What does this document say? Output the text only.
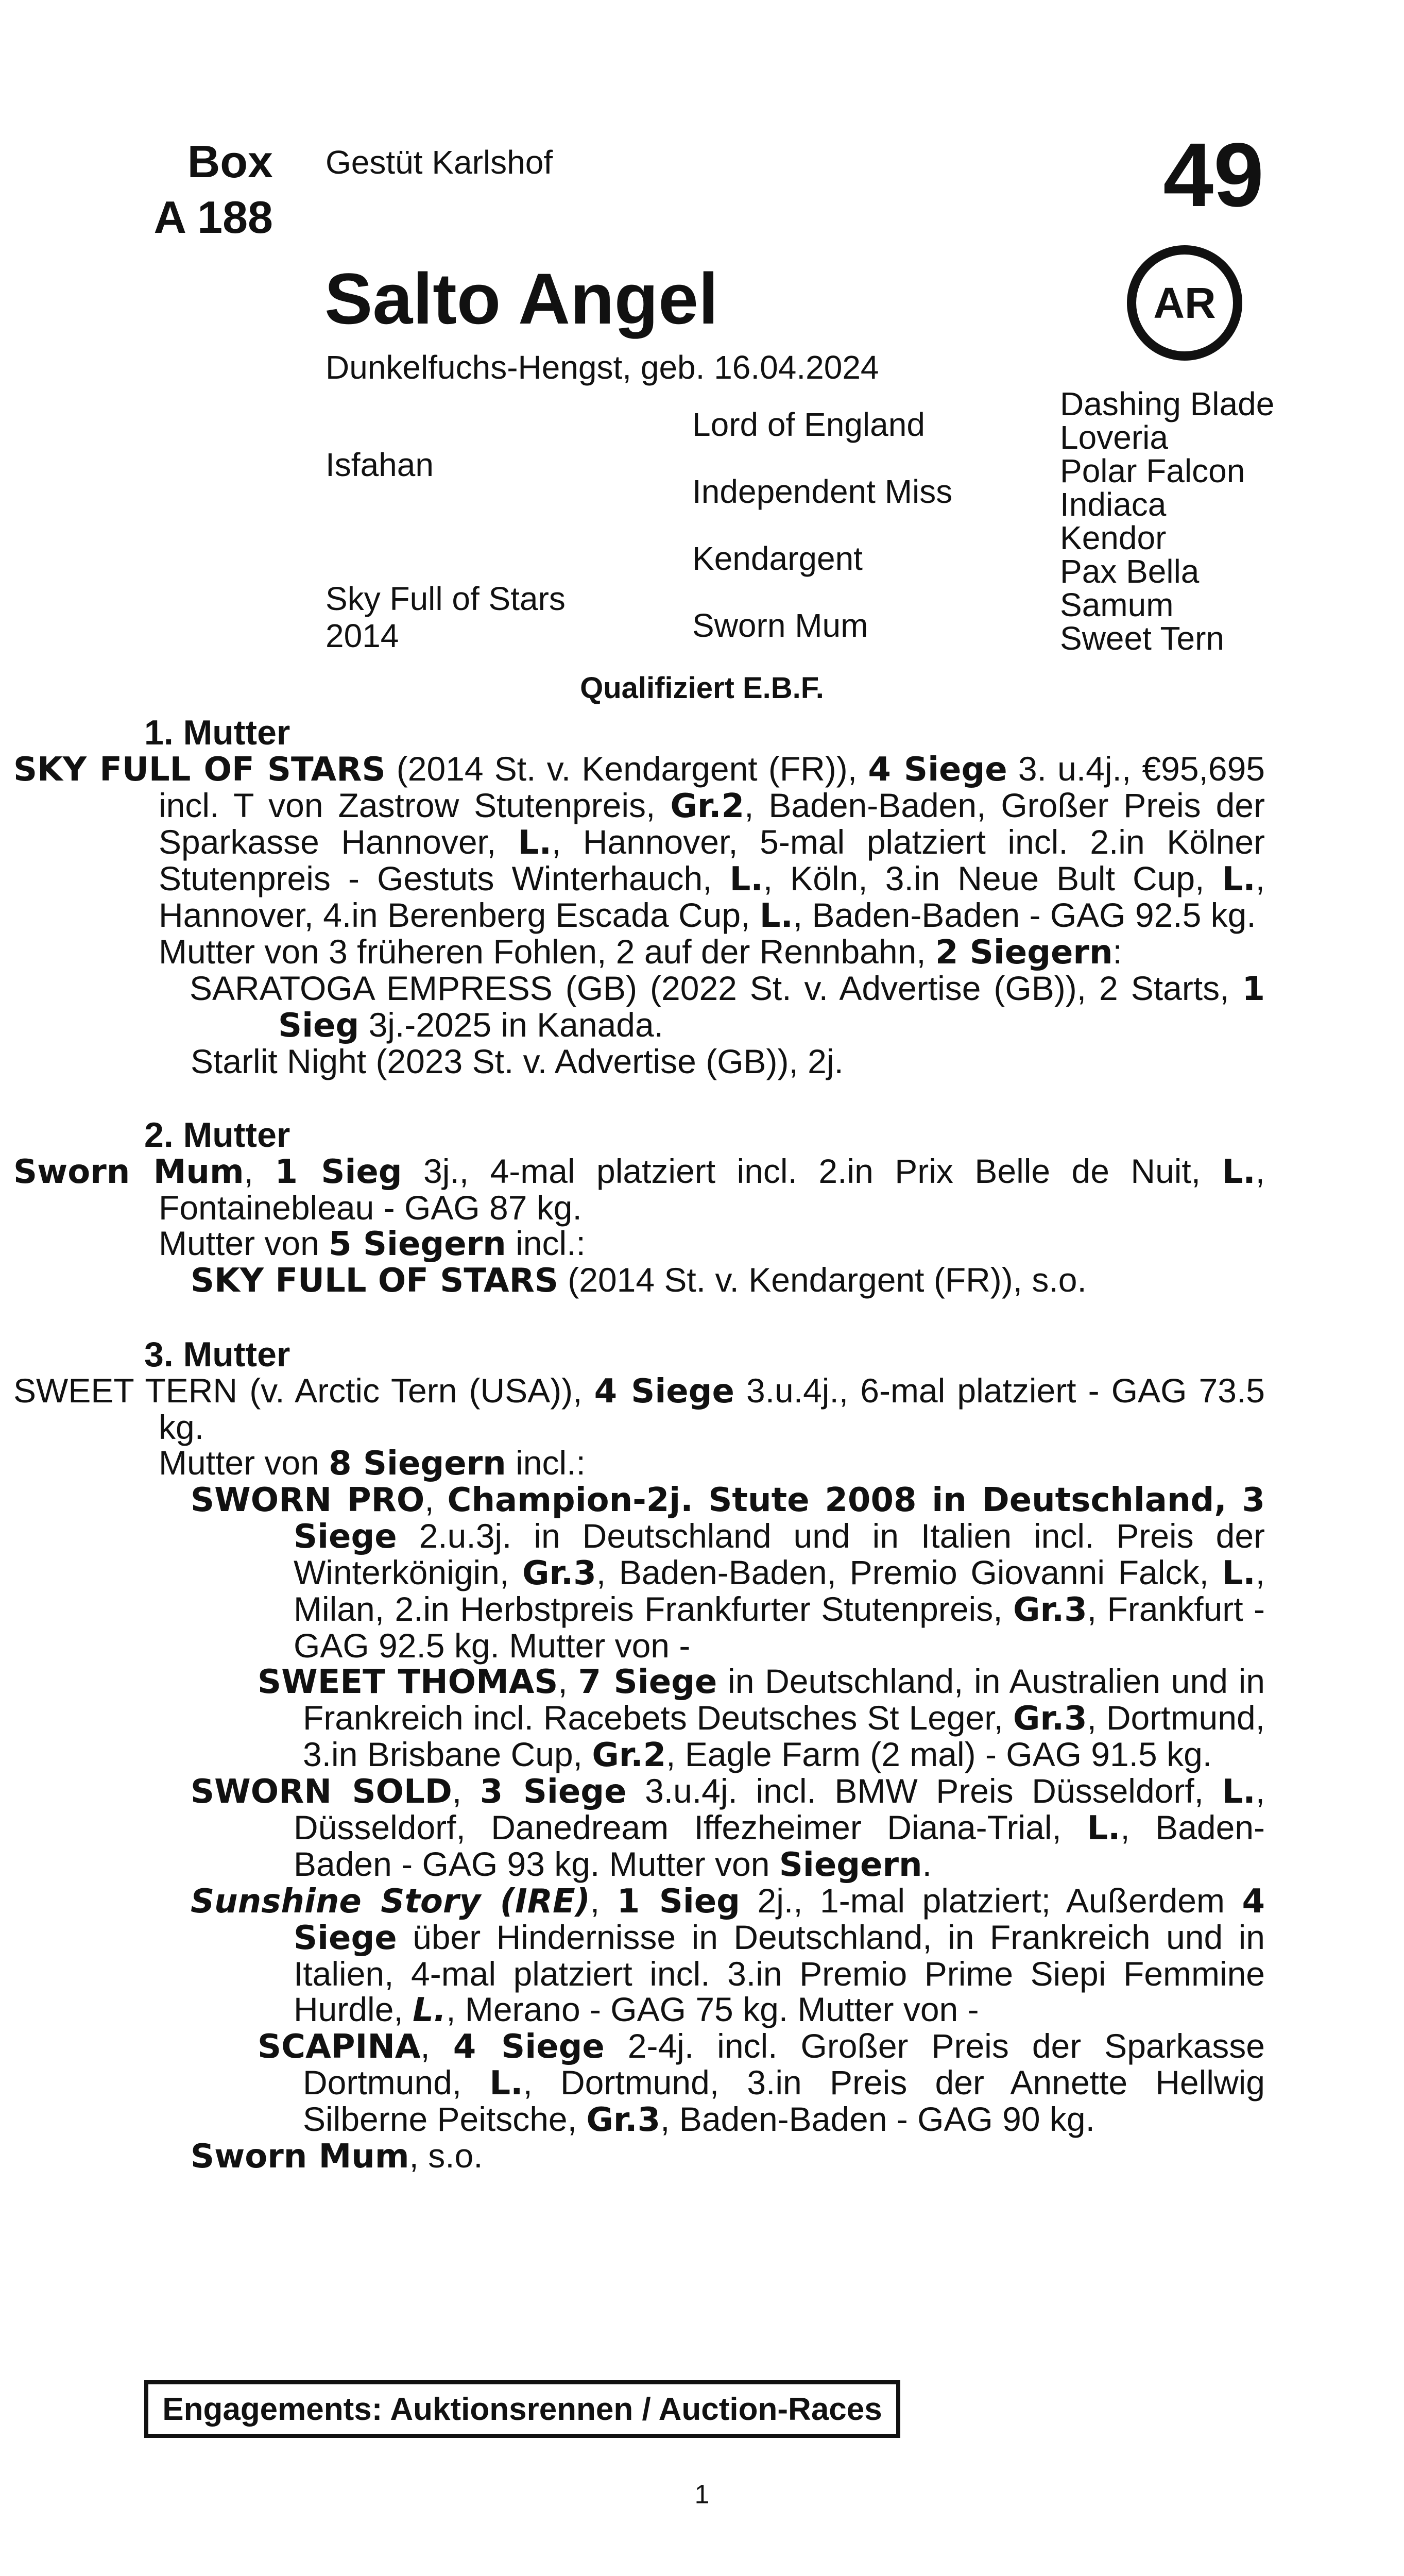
Box
A 188
Gestüt Karlshof	49
Salto Angel	AR
Dunkelfuchs-Hengst, geb. 16.04.2024
Isfahan
Sky Full of Stars
2014
Lord of England
Independent Miss
Kendargent
Sworn Mum
Dashing Blade
Loveria
Polar Falcon
Indiaca
Kendor
Pax Bella
Samum
Sweet Tern
Qualifiziert E.B.F.
1. Mutter
SKY FULL OF STARS (2014 St. v. Kendargent (FR)), 4 Siege 3. u.4j., €95,695 incl. T von Zastrow Stutenpreis, Gr.2, Baden-Baden, Großer Preis der Sparkasse Hannover, L., Hannover, 5-mal platziert incl. 2.in Kölner Stutenpreis - Gestuts Winterhauch, L., Köln, 3.in Neue Bult Cup, L., Hannover, 4.in Berenberg Escada Cup, L., Baden-Baden - GAG 92.5 kg.
Mutter von 3 früheren Fohlen, 2 auf der Rennbahn, 2 Siegern:
SARATOGA EMPRESS (GB) (2022 St. v. Advertise (GB)), 2 Starts, 1 Sieg 3j.-2025 in Kanada.
Starlit Night (2023 St. v. Advertise (GB)), 2j.
2. Mutter
Sworn Mum, 1 Sieg 3j., 4-mal platziert incl. 2.in Prix Belle de Nuit, L., Fontainebleau - GAG 87 kg.
Mutter von 5 Siegern incl.:
SKY FULL OF STARS (2014 St. v. Kendargent (FR)), s.o.
3. Mutter
SWEET TERN (v. Arctic Tern (USA)), 4 Siege 3.u.4j., 6-mal platziert - GAG 73.5 kg.
Mutter von 8 Siegern incl.:
SWORN PRO, Champion-2j. Stute 2008 in Deutschland, 3 Siege 2.u.3j. in Deutschland und in Italien incl. Preis der Winterkönigin, Gr.3, Baden-Baden, Premio Giovanni Falck, L., Milan, 2.in Herbstpreis Frankfurter Stutenpreis, Gr.3, Frankfurt - GAG 92.5 kg. Mutter von -
SWEET THOMAS, 7 Siege in Deutschland, in Australien und in Frankreich incl. Racebets Deutsches St Leger, Gr.3, Dortmund, 3.in Brisbane Cup, Gr.2, Eagle Farm (2 mal) - GAG 91.5 kg.
SWORN SOLD, 3 Siege 3.u.4j. incl. BMW Preis Düsseldorf, L., Düsseldorf, Danedream Iffezheimer Diana-Trial, L., Baden-Baden - GAG 93 kg. Mutter von Siegern.
Sunshine Story (IRE), 1 Sieg 2j., 1-mal platziert; Außerdem 4 Siege über Hindernisse in Deutschland, in Frankreich und in Italien, 4-mal platziert incl. 3.in Premio Prime Siepi Femmine Hurdle, L., Merano - GAG 75 kg. Mutter von -
SCAPINA, 4 Siege 2-4j. incl. Großer Preis der Sparkasse Dortmund, L., Dortmund, 3.in Preis der Annette Hellwig Silberne Peitsche, Gr.3, Baden-Baden - GAG 90 kg.
Sworn Mum, s.o.
Engagements: Auktionsrennen / Auction-Races
1
